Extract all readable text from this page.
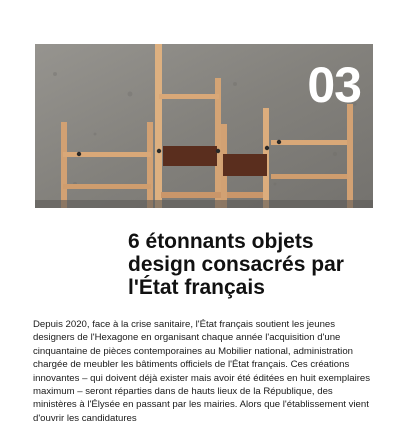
03
6 étonnants objets design consacrés par l'État français

Depuis 2020, face à la crise sanitaire, l'État français soutient les jeunes designers de l'Hexagone en organisant chaque année l'acquisition d'une cinquantaine de pièces contemporaines au Mobilier national, administration chargée de meubler les bâtiments officiels de l'État français. Ces créations innovantes – qui doivent déjà exister mais avoir été éditées en huit exemplaires maximum – seront réparties dans de hauts lieux de la République, des ministères à l'Élysée en passant par les mairies. Alors que l'établissement vient d'ouvrir les candidatures
